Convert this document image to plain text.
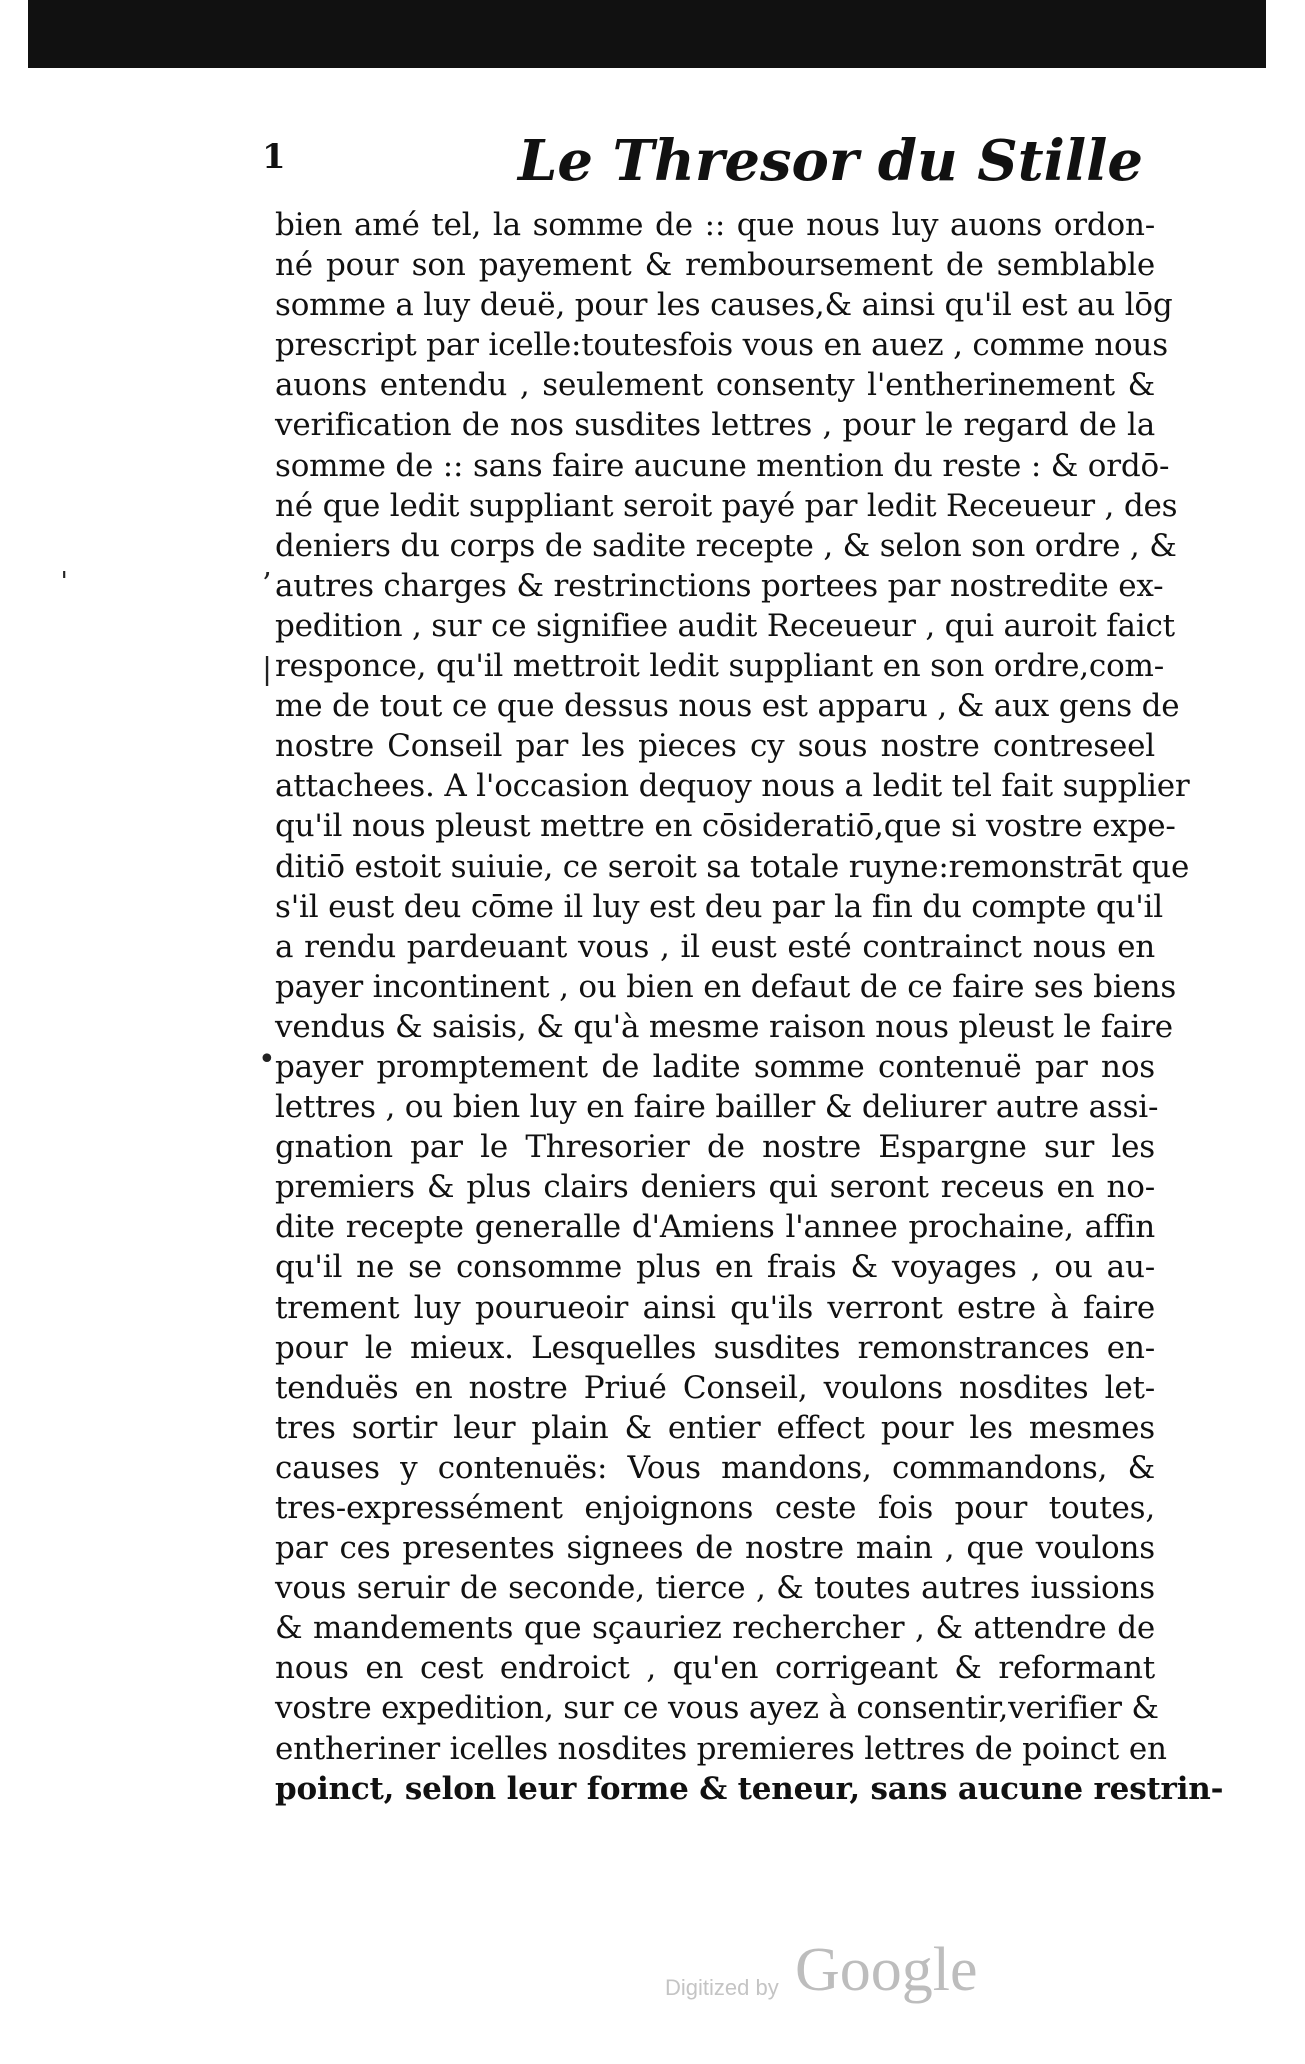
1	Le Thresor du Stille
’
|
•
ˈ
bien amé tel, la somme de :: que nous luy auons ordon-
né pour son payement & remboursement de semblable
somme a luy deuë, pour les causes,& ainsi qu'il est au lōg
prescript par icelle:toutesfois vous en auez , comme nous
auons entendu , seulement consenty l'entherinement &
verification de nos susdites lettres , pour le regard de la
somme de :: sans faire aucune mention du reste : & ordō-
né que ledit suppliant seroit payé par ledit Receueur , des
deniers du corps de sadite recepte , & selon son ordre , &
autres charges & restrinctions portees par nostredite ex-
pedition , sur ce signifiee audit Receueur , qui auroit faict
responce, qu'il mettroit ledit suppliant en son ordre,com-
me de tout ce que dessus nous est apparu , & aux gens de
nostre Conseil par les pieces cy sous nostre contreseel
attachees. A l'occasion dequoy nous a ledit tel fait supplier
qu'il nous pleust mettre en cōsideratiō,que si vostre expe-
ditiō estoit suiuie, ce seroit sa totale ruyne:remonstrāt que
s'il eust deu cōme il luy est deu par la fin du compte qu'il
a rendu pardeuant vous , il eust esté contrainct nous en
payer incontinent , ou bien en defaut de ce faire ses biens
vendus & saisis, & qu'à mesme raison nous pleust le faire
payer promptement de ladite somme contenuë par nos
lettres , ou bien luy en faire bailler & deliurer autre assi-
gnation par le Thresorier de nostre Espargne sur les
premiers & plus clairs deniers qui seront receus en no-
dite recepte generalle d'Amiens l'annee prochaine, affin
qu'il ne se consomme plus en frais & voyages , ou au-
trement luy pourueoir ainsi qu'ils verront estre à faire
pour le mieux. Lesquelles susdites remonstrances en-
tenduës en nostre Priué Conseil, voulons nosdites let-
tres sortir leur plain & entier effect pour les mesmes
causes y contenuës: Vous mandons, commandons, &
tres-expressément enjoignons ceste fois pour toutes,
par ces presentes signees de nostre main , que voulons
vous seruir de seconde, tierce , & toutes autres iussions
& mandements que sçauriez rechercher , & attendre de
nous en cest endroict , qu'en corrigeant & reformant
vostre expedition, sur ce vous ayez à consentir,verifier &
entheriner icelles nosdites premieres lettres de poinct en
poinct, selon leur forme & teneur, sans aucune restrin-
Digitized by Google
